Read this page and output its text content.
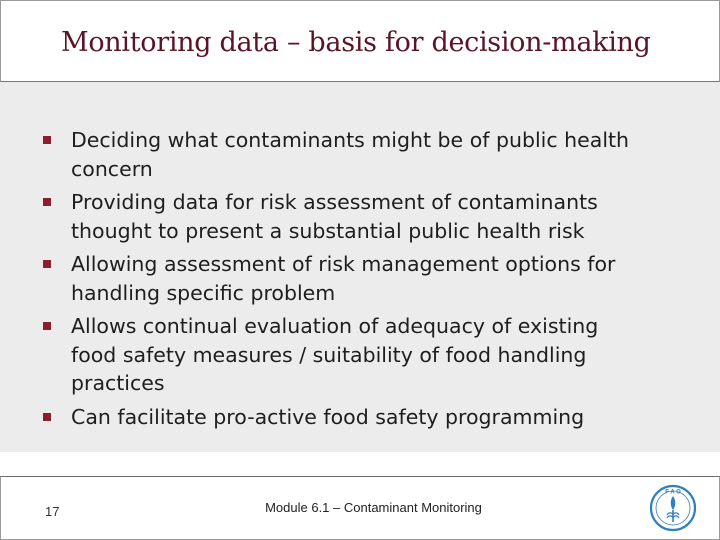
Monitoring data – basis for decision-making
Deciding what contaminants might be of public health
concern
Providing data for risk assessment of contaminants
thought to present a substantial public health risk
Allowing assessment of risk management options for
handling specific problem
Allows continual evaluation of adequacy of existing
food safety measures / suitability of food handling
practices
Can facilitate pro-active food safety programming
17	Module 6.1 – Contaminant Monitoring
F A O
